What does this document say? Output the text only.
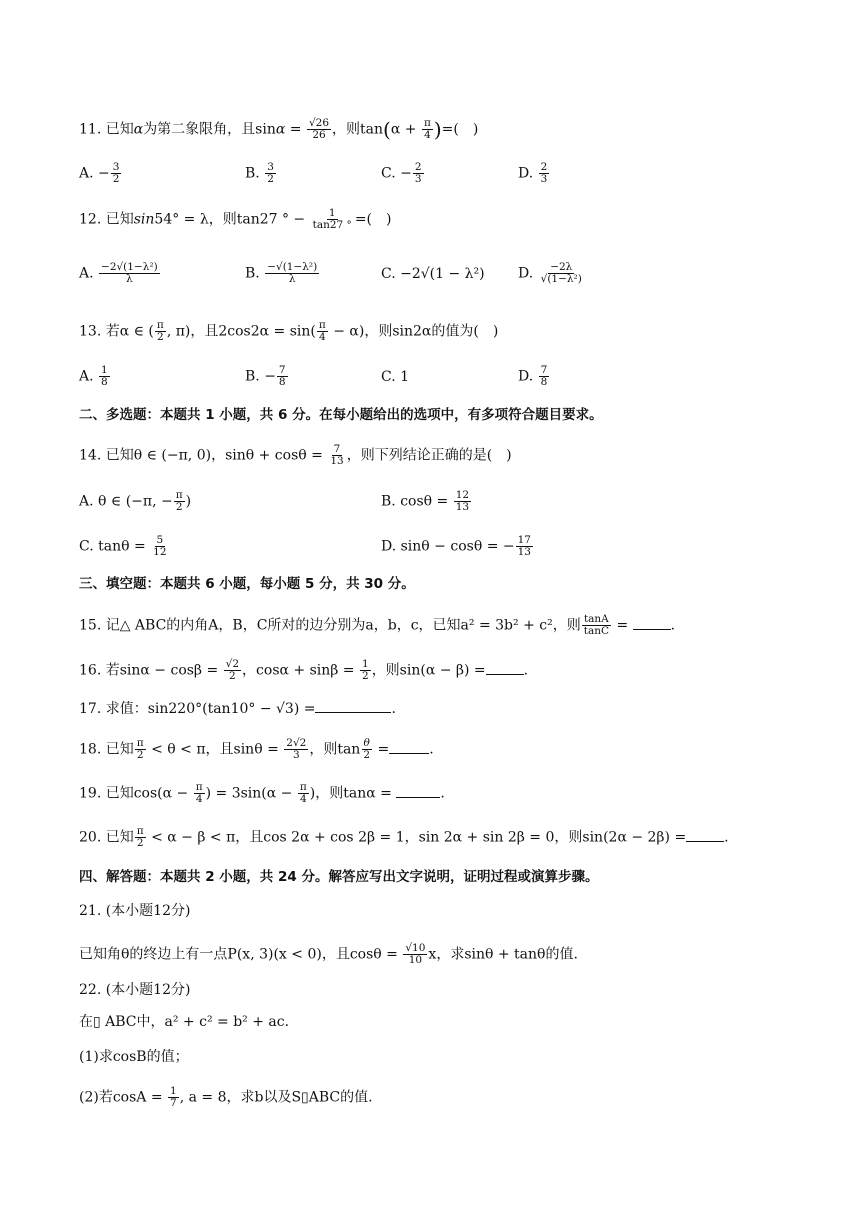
11. 已知α为第二象限角，且$\sin\alpha = \frac{√26}{26}$ ，则$\tan(\alpha + \frac{\pi}{4}$ )=(　)
A. − $\frac{3}{2}$	B. $\frac{3}{2}$	C. − $\frac{2}{3}$	D. $\frac{2}{3}$
12. 已知sin54° = λ，则tan27 ° − $\frac{1}{\tan 27 ^\circ}$ =(　)
A. $\frac{\text{−2√(1−λ²)}}{\lambda}$	B. $\frac{\text{−√(1−λ²)}}{\lambda}$	C. −2√(1 − λ²) D. $\frac{-2\lambda}{\text{√(1−λ²)}}$
13. 若α ∈ ( $\frac{\pi}{2}$ , π)，且$2\cos 2\alpha = \sin( \frac{\pi}{4} - \alpha)$，则sin2α的值为(　)
A. $\frac{1}{8}$	B. − $\frac{7}{8}$	C. 1	D. $\frac{7}{8}$
二、多选题：本题共 1 小题，共 6 分。在每小题给出的选项中，有多项符合题目要求。
14. 已知θ ∈ (−π, 0)，$\sin\theta + \cos\theta = \frac{7}{13}$ ，则下列结论正确的是(　)
A. θ ∈ (−π, − $\frac{\pi}{2}$ )	B. $\cos\theta = \frac{12}{13}$
C. $\tan\theta = \frac{5}{12}$	D. sinθ − cosθ = − $\frac{17}{13}$
三、填空题：本题共 6 小题，每小题 5 分，共 30 分。
15. 记△ ABC的内角A，B，C所对的边分别为a，b，c，已知a² = 3b² + c²，则 $\frac{\tan A}{\tan C}$ =	.
16. 若$\sin\alpha - \cos\beta = \frac{√2}{2}$ ，$\cos\alpha + \sin\beta = \frac{1}{2}$ ，则sin(α − β) =	.
17. 求值：sin220°(tan10° − √3) =	.
18. 已知 $\frac{\pi}{2} < \theta < \pi$，且$\sin\theta = \frac{2√2}{3}$ ，则$\tan \frac{\theta}{2}$ =	.
19. 已知$\cos(\alpha - \frac{\pi}{4}$ ) = $3\sin(\alpha - \frac{\pi}{4}$ )，则tanα =	.
20. 已知 $\frac{\pi}{2} < \alpha - \beta < \pi$，且cos 2α + cos 2β = 1，sin 2α + sin 2β = 0，则sin(2α − 2β) =	.
四、解答题：本题共 2 小题，共 24 分。解答应写出文字说明，证明过程或演算步骤。
21. (本小题12分)
已知角θ的终边上有一点P(x, 3)(x < 0)，且$\cos\theta = \frac{√10}{10}$ x，求sinθ + tanθ的值.
22. (本小题12分)
在▯ ABC中，a² + c² = b² + ac.
(1)求cosB的值；
(2)若$\cos A = \frac{1}{7}$ , a = 8，求b以及S▯ABC的值.
